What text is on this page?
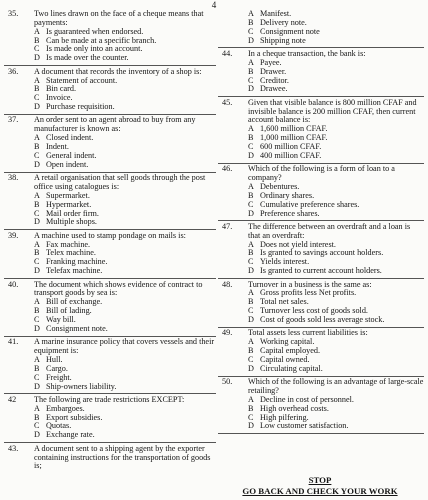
4
35. Two lines drawn on the face of a cheque means that payments:
A Is guaranteed when endorsed.
B Can be made at a specific branch.
C Is made only into an account.
D Is made over the counter.
36. A document that records the inventory of a shop is:
A Statement of account.
B Bin card.
C Invoice.
D Purchase requisition.
37. An order sent to an agent abroad to buy from any manufacturer is known as:
A Closed indent.
B Indent.
C General indent.
D Open indent.
38. A retail organisation that sell goods through the post office using catalogues is:
A Supermarket.
B Hypermarket.
C Mail order firm.
D Multiple shops.
39. A machine used to stamp pondage on mails is:
A Fax machine.
B Telex machine.
C Franking machine.
D Telefax machine.
40. The document which shows evidence of contract to transport goods by sea is:
A Bill of exchange.
B Bill of lading.
C Way bill.
D Consignment note.
41. A marine insurance policy that covers vessels and their equipment is:
A Hull.
B Cargo.
C Freight.
D Ship-owners liability.
42 The following are trade restrictions EXCEPT:
A Embargoes.
B Export subsidies.
C Quotas.
D Exchange rate.
43. A document sent to a shipping agent by the exporter containing instructions for the transportation of goods is;
A Manifest.
B Delivery note.
C Consignment note
D Shipping note
44. In a cheque transaction, the bank is:
A Payee.
B Drawer.
C Creditor.
D Drawee.
45. Given that visible balance is 800 million CFAF and invisible balance is 200 million CFAF, then current account balance is:
A 1,600 million CFAF.
B 1,000 million CFAF.
C 600 million CFAF.
D 400 million CFAF.
46. Which of the following is a form of loan to a company?
A Debentures.
B Ordinary shares.
C Cumulative preference shares.
D Preference shares.
47. The difference between an overdraft and a loan is that an overdraft:
A Does not yield interest.
B Is granted to savings account holders.
C Yields interest.
D Is granted to current account holders.
48. Turnover in a business is the same as:
A Gross profits less Net profits.
B Total net sales.
C Turnover less cost of goods sold.
D Cost of goods sold less average stock.
49. Total assets less current liabilities is:
A Working capital.
B Capital employed.
C Capital owned.
D Circulating capital.
50. Which of the following is an advantage of large-scale retailing?
A Decline in cost of personnel.
B High overhead costs.
C High pilfering.
D Low customer satisfaction.
STOP
GO BACK AND CHECK YOUR WORK
